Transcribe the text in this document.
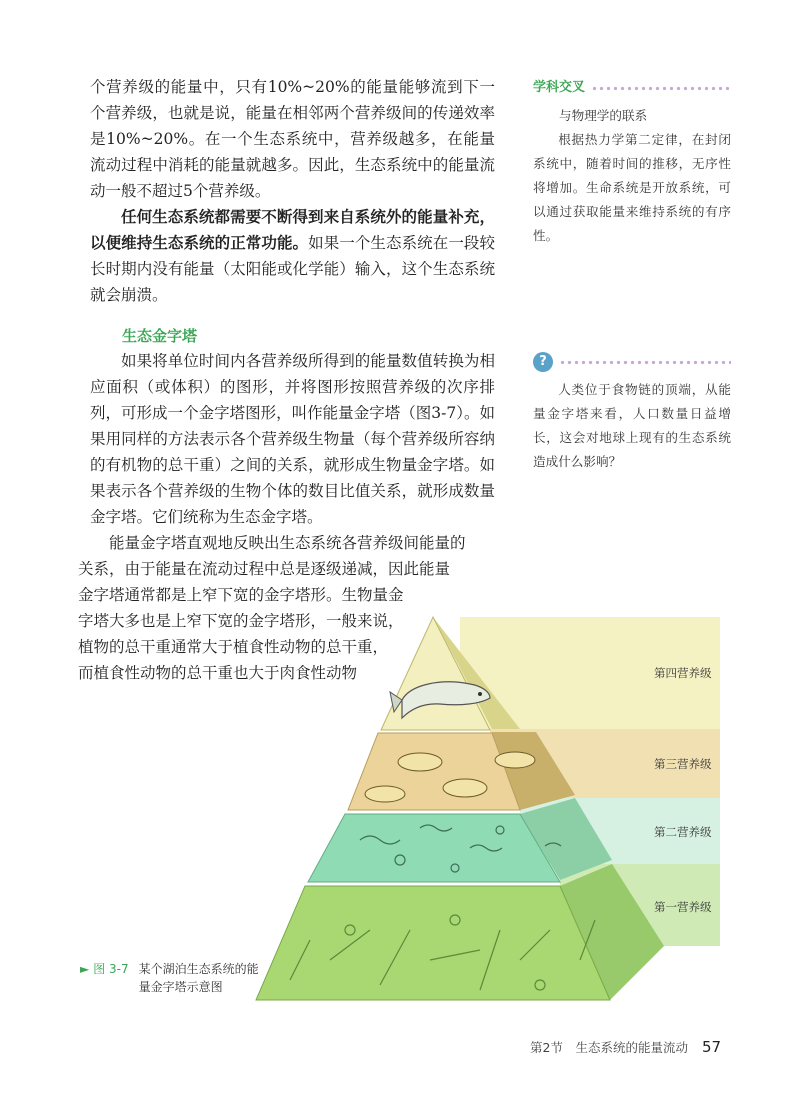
个营养级的能量中，只有10%~20%的能量能够流到下一个营养级，也就是说，能量在相邻两个营养级间的传递效率是10%~20%。在一个生态系统中，营养级越多，在能量流动过程中消耗的能量就越多。因此，生态系统中的能量流动一般不超过5个营养级。

任何生态系统都需要不断得到来自系统外的能量补充，以便维持生态系统的正常功能。如果一个生态系统在一段较长时期内没有能量（太阳能或化学能）输入，这个生态系统就会崩溃。

生态金字塔

如果将单位时间内各营养级所得到的能量数值转换为相应面积（或体积）的图形，并将图形按照营养级的次序排列，可形成一个金字塔图形，叫作能量金字塔（图3-7）。如果用同样的方法表示各个营养级生物量（每个营养级所容纳的有机物的总干重）之间的关系，就形成生物量金字塔。如果表示各个营养级的生物个体的数目比值关系，就形成数量金字塔。它们统称为生态金字塔。

能量金字塔直观地反映出生态系统各营养级间能量的
关系，由于能量在流动过程中总是逐级递减，因此能量
金字塔通常都是上窄下宽的金字塔形。生物量金
字塔大多也是上窄下宽的金字塔形，一般来说，
植物的总干重通常大于植食性动物的总干重，
而植食性动物的总干重也大于肉食性动物
学科交叉

与物理学的联系

根据热力学第二定律，在封闭系统中，随着时间的推移，无序性将增加。生命系统是开放系统，可以通过获取能量来维持系统的有序性。

?

人类位于食物链的顶端，从能量金字塔来看，人口数量日益增长，这会对地球上现有的生态系统造成什么影响？

第四营养级
第三营养级
第二营养级
第一营养级
► 图 3-7 某个湖泊生态系统的能量金字塔示意图
第2节　生态系统的能量流动 57
